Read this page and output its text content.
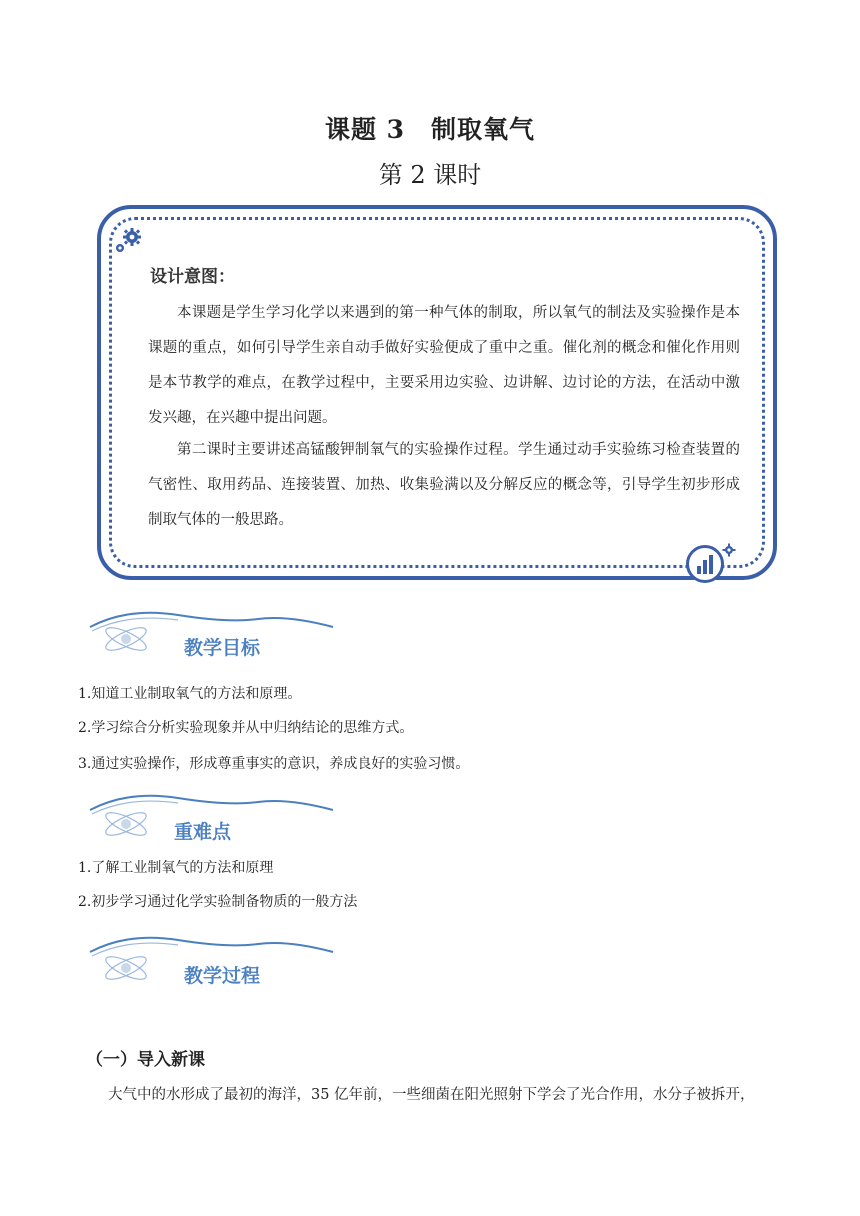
课题 3　制取氧气
第 2 课时
设计意图：
本课题是学生学习化学以来遇到的第一种气体的制取，所以氧气的制法及实验操作是本课题的重点，如何引导学生亲自动手做好实验便成了重中之重。催化剂的概念和催化作用则是本节教学的难点，在教学过程中，主要采用边实验、边讲解、边讨论的方法，在活动中激发兴趣，在兴趣中提出问题。
第二课时主要讲述高锰酸钾制氧气的实验操作过程。学生通过动手实验练习检查装置的气密性、取用药品、连接装置、加热、收集验满以及分解反应的概念等，引导学生初步形成制取气体的一般思路。
教学目标
1.知道工业制取氧气的方法和原理。
2.学习综合分析实验现象并从中归纳结论的思维方式。
3.通过实验操作，形成尊重事实的意识，养成良好的实验习惯。
重难点
1.了解工业制氧气的方法和原理
2.初步学习通过化学实验制备物质的一般方法
教学过程
（一）导入新课
大气中的水形成了最初的海洋，35 亿年前，一些细菌在阳光照射下学会了光合作用，水分子被拆开，
